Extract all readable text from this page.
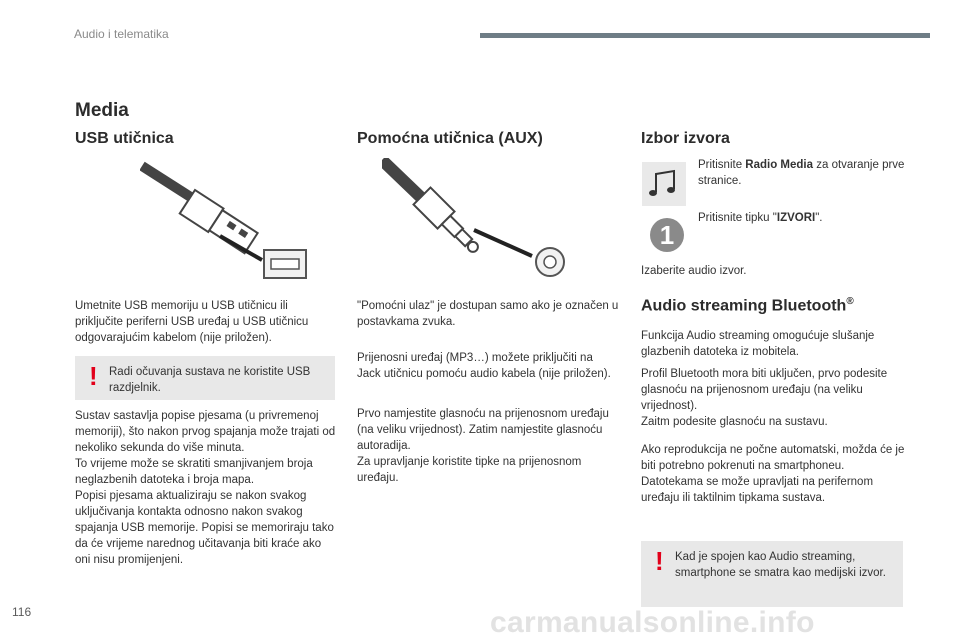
Audio i telematika
Media
USB utičnica
Umetnite USB memoriju u USB utičnicu ili priključite periferni USB uređaj u USB utičnicu odgovarajućim kabelom (nije priložen).
! Radi očuvanja sustava ne koristite USB razdjelnik.
Sustav sastavlja popise pjesama (u privremenoj memoriji), što nakon prvog spajanja može trajati od nekoliko sekunda do više minuta.
To vrijeme može se skratiti smanjivanjem broja neglazbenih datoteka i broja mapa.
Popisi pjesama aktualiziraju se nakon svakog uključivanja kontakta odnosno nakon svakog spajanja USB memorije. Popisi se memoriraju tako da će vrijeme narednog učitavanja biti kraće ako oni nisu promijenjeni.
Pomoćna utičnica (AUX)
"Pomoćni ulaz" je dostupan samo ako je označen u postavkama zvuka.
Prijenosni uređaj (MP3…) možete priključiti na Jack utičnicu pomoću audio kabela (nije priložen).
Prvo namjestite glasnoću na prijenosnom uređaju (na veliku vrijednost). Zatim namjestite glasnoću autoradija.
Za upravljanje koristite tipke na prijenosnom uređaju.
Izbor izvora
Pritisnite Radio Media za otvaranje prve stranice.
1
Pritisnite tipku "IZVORI".
Izaberite audio izvor.
Audio streaming Bluetooth®
Funkcija Audio streaming omogućuje slušanje glazbenih datoteka iz mobitela.
Profil Bluetooth mora biti uključen, prvo podesite glasnoću na prijenosnom uređaju (na veliku vrijednost).
Zaitm podesite glasnoću na sustavu.
Ako reprodukcija ne počne automatski, možda će je biti potrebno pokrenuti na smartphoneu.
Datotekama se može upravljati na perifernom uređaju ili taktilnim tipkama sustava.
! Kad je spojen kao Audio streaming, smartphone se smatra kao medijski izvor.
116	carmanualsonline.info
